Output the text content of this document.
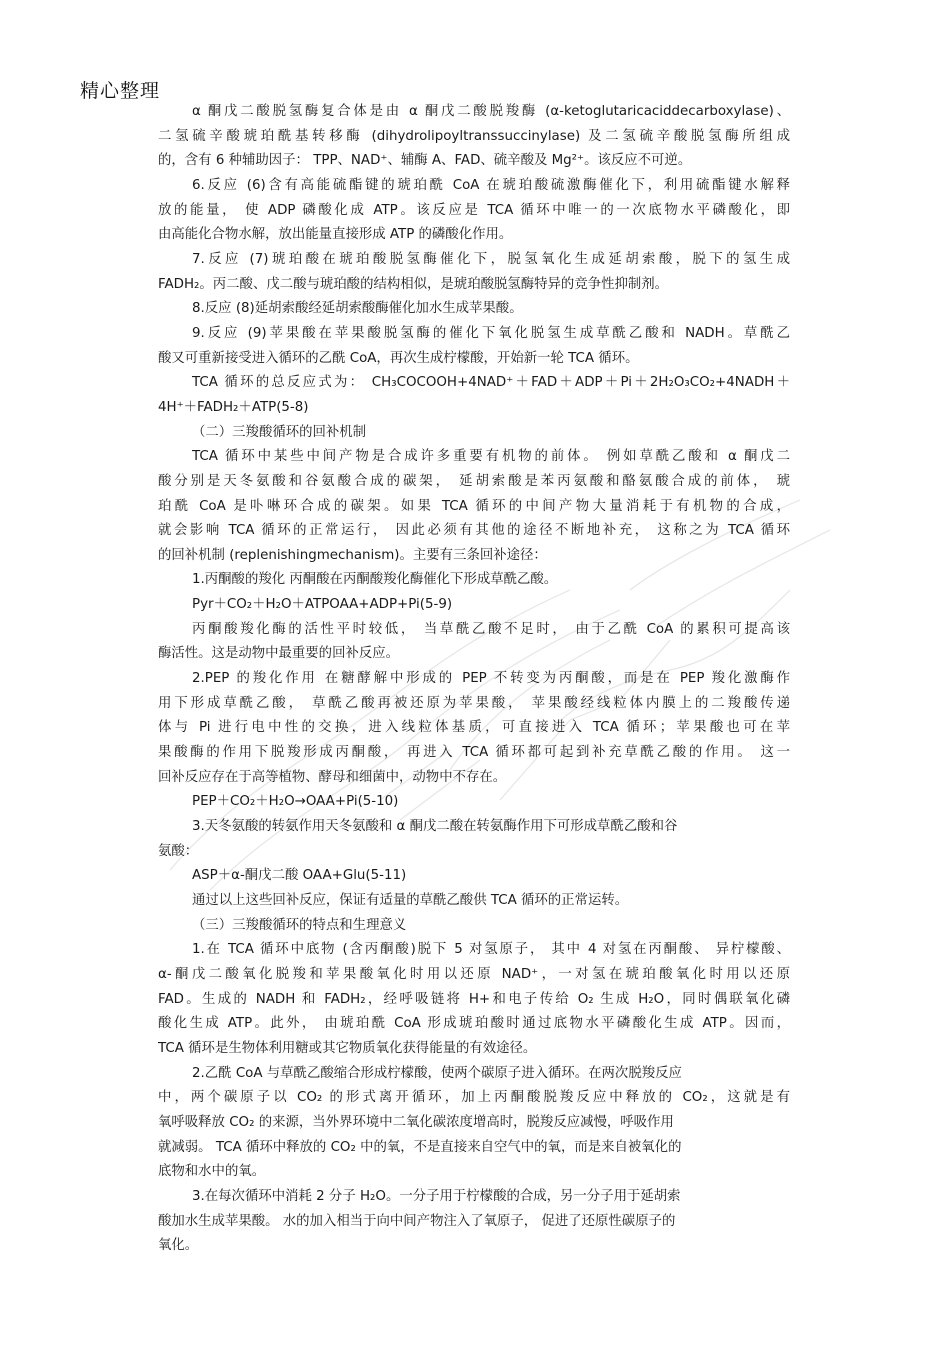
精心整理

α 酮戊二酸脱氢酶复合体是由 α 酮戊二酸脱羧酶 (α-ketoglutaricaciddecarboxylase)、

二氢硫辛酸琥珀酰基转移酶 (dihydrolipoyltranssuccinylase) 及二氢硫辛酸脱氢酶所组成

的，含有 6 种辅助因子： TPP、NAD⁺、辅酶 A、FAD、硫辛酸及 Mg²⁺。该反应不可逆。

6.反应 (6)含有高能硫酯键的琥珀酰 CoA 在琥珀酸硫激酶催化下，利用硫酯键水解释

放的能量， 使 ADP 磷酸化成 ATP。该反应是 TCA 循环中唯一的一次底物水平磷酸化，即

由高能化合物水解，放出能量直接形成 ATP 的磷酸化作用。

7.反应 (7)琥珀酸在琥珀酸脱氢酶催化下，脱氢氧化生成延胡索酸，脱下的氢生成

FADH₂。丙二酸、戊二酸与琥珀酸的结构相似，是琥珀酸脱氢酶特异的竞争性抑制剂。

8.反应 (8)延胡索酸经延胡索酸酶催化加水生成苹果酸。

9.反应 (9)苹果酸在苹果酸脱氢酶的催化下氧化脱氢生成草酰乙酸和 NADH。草酰乙

酸又可重新接受进入循环的乙酰 CoA，再次生成柠檬酸，开始新一轮 TCA 循环。

TCA 循环的总反应式为： CH₃COCOOH+4NAD⁺＋FAD＋ADP＋Pi＋2H₂O₃CO₂+4NADH＋

4H⁺＋FADH₂＋ATP(5-8)

（二）三羧酸循环的回补机制

TCA 循环中某些中间产物是合成许多重要有机物的前体。 例如草酰乙酸和 α 酮戊二

酸分别是天冬氨酸和谷氨酸合成的碳架， 延胡索酸是苯丙氨酸和酪氨酸合成的前体， 琥

珀酰 CoA 是卟啉环合成的碳架。如果 TCA 循环的中间产物大量消耗于有机物的合成，

就会影响 TCA 循环的正常运行， 因此必须有其他的途径不断地补充， 这称之为 TCA 循环

的回补机制 (replenishingmechanism)。主要有三条回补途径：

1.丙酮酸的羧化 丙酮酸在丙酮酸羧化酶催化下形成草酰乙酸。

Pyr＋CO₂＋H₂O＋ATPOAA+ADP+Pi(5-9)

丙酮酸羧化酶的活性平时较低， 当草酰乙酸不足时， 由于乙酰 CoA 的累积可提高该

酶活性。这是动物中最重要的回补反应。

2.PEP 的羧化作用 在糖酵解中形成的 PEP 不转变为丙酮酸，而是在 PEP 羧化激酶作

用下形成草酰乙酸， 草酰乙酸再被还原为苹果酸， 苹果酸经线粒体内膜上的二羧酸传递

体与 Pi 进行电中性的交换，进入线粒体基质，可直接进入 TCA 循环；苹果酸也可在苹

果酸酶的作用下脱羧形成丙酮酸， 再进入 TCA 循环都可起到补充草酰乙酸的作用。 这一

回补反应存在于高等植物、酵母和细菌中，动物中不存在。

PEP＋CO₂＋H₂O→OAA+Pi(5-10)

3.天冬氨酸的转氨作用天冬氨酸和 α 酮戊二酸在转氨酶作用下可形成草酰乙酸和谷

氨酸：

ASP＋α-酮戊二酸 OAA+Glu(5-11)

通过以上这些回补反应，保证有适量的草酰乙酸供 TCA 循环的正常运转。

（三）三羧酸循环的特点和生理意义

1.在 TCA 循环中底物 (含丙酮酸)脱下 5 对氢原子， 其中 4 对氢在丙酮酸、 异柠檬酸、

α-酮戊二酸氧化脱羧和苹果酸氧化时用以还原 NAD⁺，一对氢在琥珀酸氧化时用以还原

FAD。生成的 NADH 和 FADH₂，经呼吸链将 H+和电子传给 O₂ 生成 H₂O，同时偶联氧化磷

酸化生成 ATP。此外， 由琥珀酰 CoA 形成琥珀酸时通过底物水平磷酸化生成 ATP。因而，

TCA 循环是生物体利用糖或其它物质氧化获得能量的有效途径。

2.乙酰 CoA 与草酰乙酸缩合形成柠檬酸，使两个碳原子进入循环。在两次脱羧反应

中，两个碳原子以 CO₂ 的形式离开循环，加上丙酮酸脱羧反应中释放的 CO₂，这就是有

氧呼吸释放 CO₂ 的来源，当外界环境中二氧化碳浓度增高时，脱羧反应减慢，呼吸作用

就减弱。 TCA 循环中释放的 CO₂ 中的氧，不是直接来自空气中的氧，而是来自被氧化的

底物和水中的氧。

3.在每次循环中消耗 2 分子 H₂O。一分子用于柠檬酸的合成，另一分子用于延胡索

酸加水生成苹果酸。 水的加入相当于向中间产物注入了氧原子， 促进了还原性碳原子的

氧化。
